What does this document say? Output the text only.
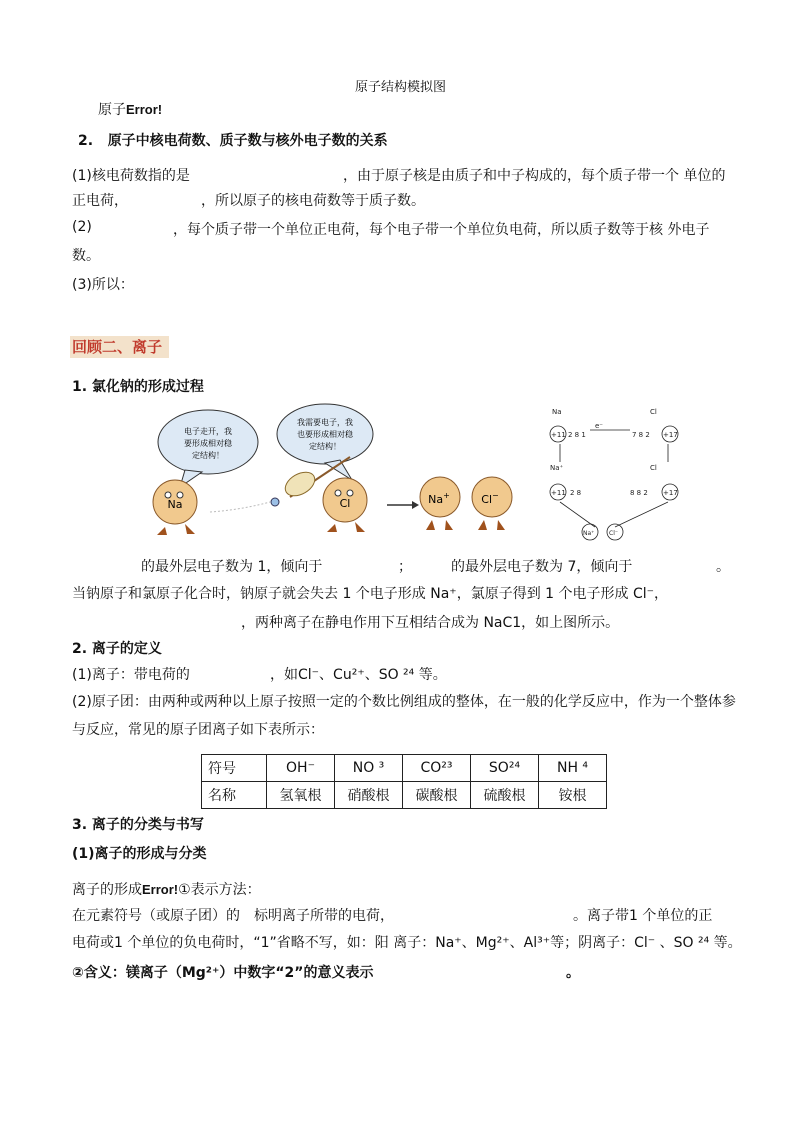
原子结构模拟图
原子Error!
2. 原子中核电荷数、质子数与核外电子数的关系
(1)核电荷数指的是	，由于原子核是由质子和中子构成的，每个质子带一个 单位的
正电荷，	，所以原子的核电荷数等于质子数。
(2)	，每个质子带一个单位正电荷，每个电子带一个单位负电荷，所以质子数等于核 外电子
数。
(3)所以：
回顾二、离子
1. 氯化钠的形成过程
电子走开，我
要形成相对稳
定结构！
我需要电子，我
也要形成相对稳
定结构！
Na	Cl	Na+	Cl−
Na	Cl
e⁻
+11 2 8 1	+17
7 8 2
Na⁺	Cl
+11 2 8	+17
8 8 2
Na⁺ Cl⁻
的最外层电子数为 1，倾向于	；	的最外层电子数为 7，倾向于	。
当钠原子和氯原子化合时，钠原子就会失去 1 个电子形成 Na⁺，氯原子得到 1 个电子形成 Cl⁻，
，两种离子在静电作用下互相结合成为 NaC1，如上图所示。
2. 离子的定义
(1)离子：带电荷的	，如Cl⁻、Cu²⁺、SO ²⁴ 等。
(2)原子团：由两种或两种以上原子按照一定的个数比例组成的整体，在一般的化学反应中，作为一个整体参
与反应，常见的原子团离子如下表所示：
符号	OH⁻	NO ³	CO²³	SO²⁴	NH ⁴
名称	氢氧根	硝酸根	碳酸根	硫酸根	铵根
3. 离子的分类与书写
(1)离子的形成与分类
离子的形成Error!①表示方法：
在元素符号（或原子团）的 标明离子所带的电荷，	。离子带1 个单位的正
电荷或1 个单位的负电荷时，“1”省略不写，如：阳 离子：Na⁺、Mg²⁺、Al³⁺等；阴离子：Cl⁻ 、SO ²⁴ 等。
②含义：镁离子（Mg²⁺）中数字“2”的意义表示	。
